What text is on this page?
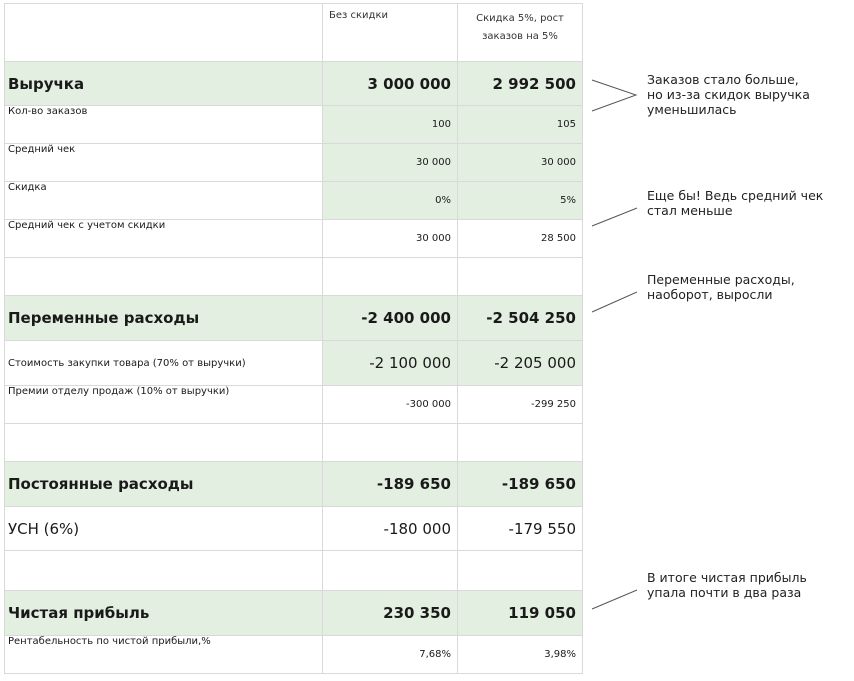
	Без скидки	Скидка 5%, рост заказов на 5%
Выручка	3 000 000	2 992 500
Кол-во заказов	100	105
Средний чек	30 000	30 000
Скидка	0%	5%
Средний чек с учетом скидки	30 000	28 500

Переменные расходы	-2 400 000	-2 504 250
Стоимость закупки товара (70% от выручки)	-2 100 000	-2 205 000
Премии отделу продаж (10% от выручки)	-300 000	-299 250

Постоянные расходы	-189 650	-189 650
УСН (6%)	-180 000	-179 550

Чистая прибыль	230 350	119 050
Рентабельность по чистой прибыли,%	7,68%	3,98%
Заказов стало больше,
но из-за скидок выручка
уменьшилась
Еще бы! Ведь средний чек
стал меньше
Переменные расходы,
наоборот, выросли
В итоге чистая прибыль
упала почти в два раза
